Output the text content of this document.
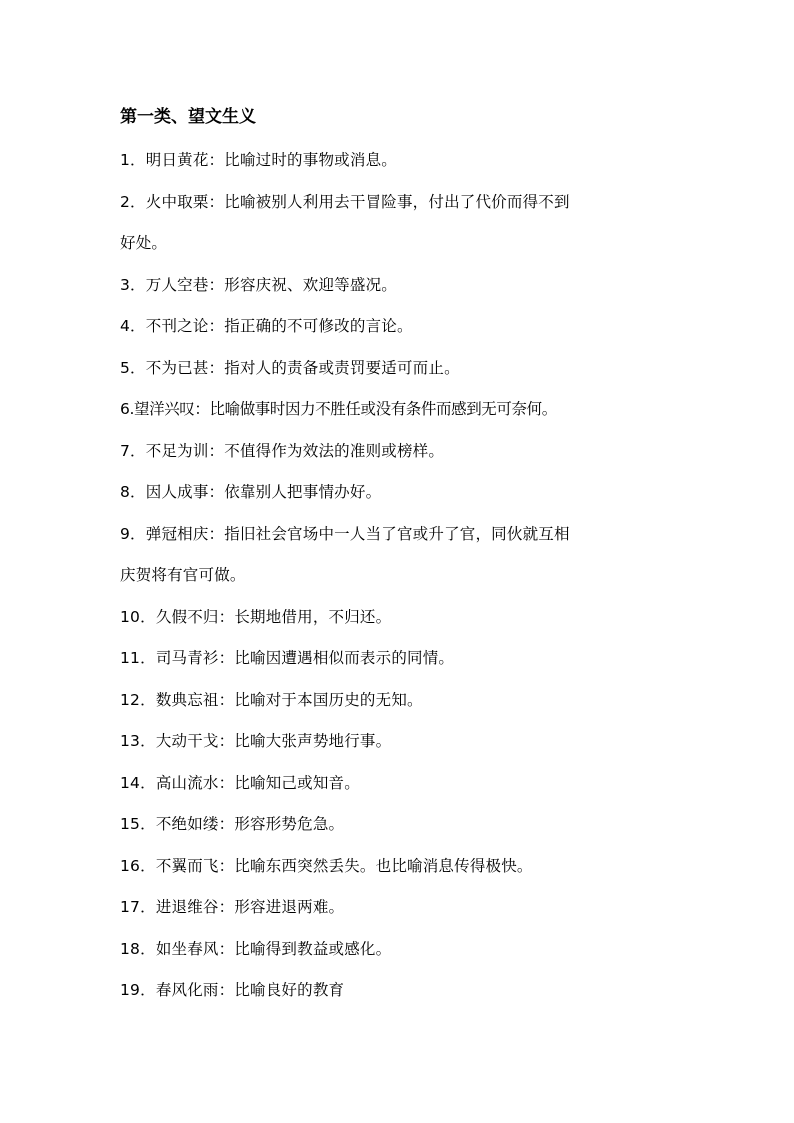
第一类、望文生义
1．明日黄花：比喻过时的事物或消息。
2．火中取栗：比喻被别人利用去干冒险事，付出了代价而得不到
好处。
3．万人空巷：形容庆祝、欢迎等盛况。
4．不刊之论：指正确的不可修改的言论。
5．不为已甚：指对人的责备或责罚要适可而止。
6.望洋兴叹：比喻做事时因力不胜任或没有条件而感到无可奈何。
7．不足为训：不值得作为效法的准则或榜样。
8．因人成事：依靠别人把事情办好。
9．弹冠相庆：指旧社会官场中一人当了官或升了官，同伙就互相
庆贺将有官可做。
10．久假不归：长期地借用，不归还。
11．司马青衫：比喻因遭遇相似而表示的同情。
12．数典忘祖：比喻对于本国历史的无知。
13．大动干戈：比喻大张声势地行事。
14．高山流水：比喻知己或知音。
15．不绝如缕：形容形势危急。
16．不翼而飞：比喻东西突然丢失。也比喻消息传得极快。
17．进退维谷：形容进退两难。
18．如坐春风：比喻得到教益或感化。
19．春风化雨：比喻良好的教育
